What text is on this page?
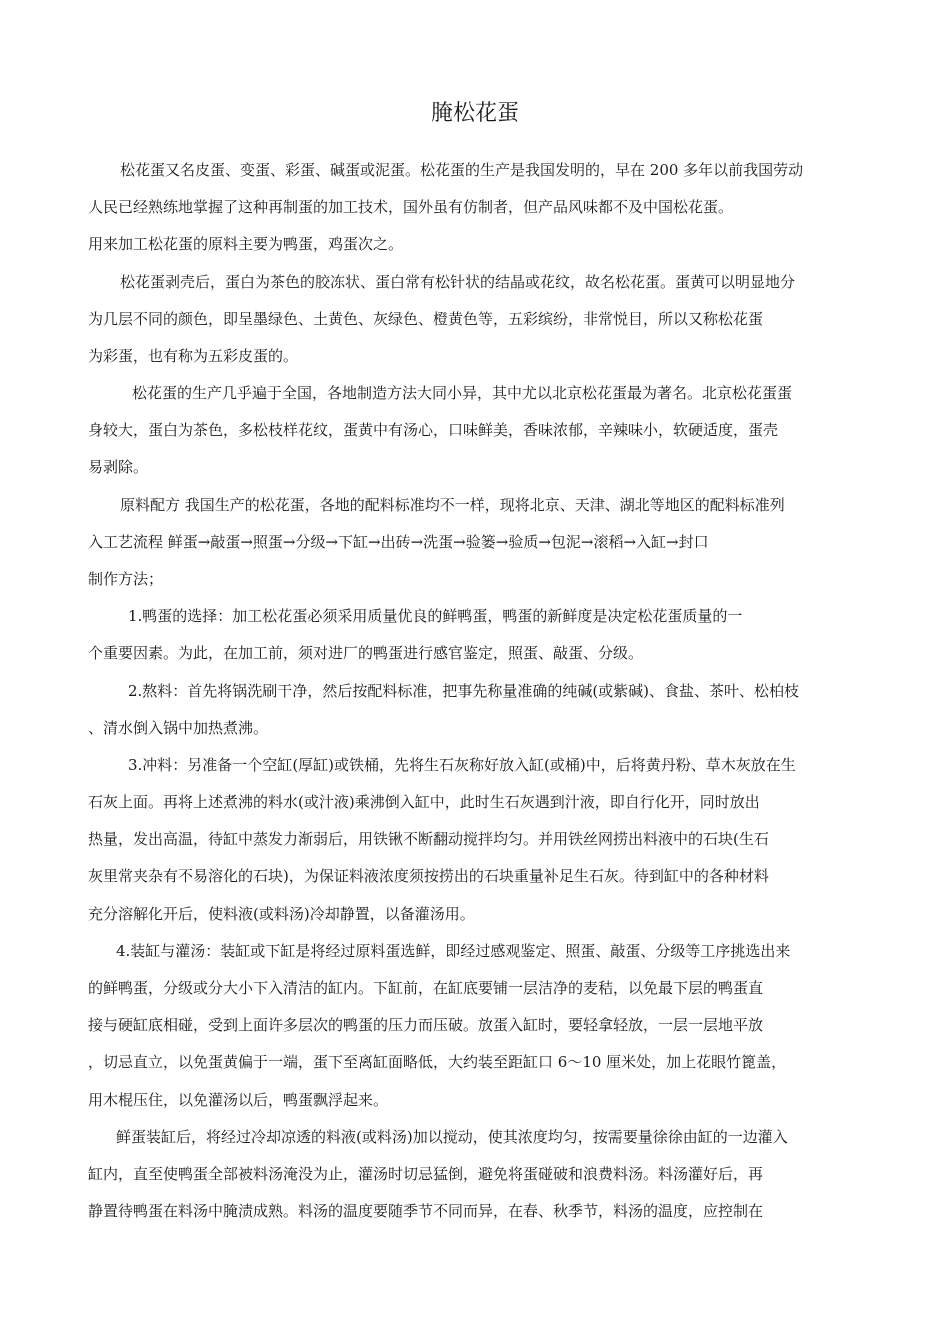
腌松花蛋
松花蛋又名皮蛋、变蛋、彩蛋、碱蛋或泥蛋。松花蛋的生产是我国发明的，早在 200 多年以前我国劳动
人民已经熟练地掌握了这种再制蛋的加工技术，国外虽有仿制者，但产品风味都不及中国松花蛋。
用来加工松花蛋的原料主要为鸭蛋，鸡蛋次之。
松花蛋剥壳后，蛋白为茶色的胶冻状、蛋白常有松针状的结晶或花纹，故名松花蛋。蛋黄可以明显地分
为几层不同的颜色，即呈墨绿色、土黄色、灰绿色、橙黄色等，五彩缤纷，非常悦目，所以又称松花蛋
为彩蛋，也有称为五彩皮蛋的。
松花蛋的生产几乎遍于全国，各地制造方法大同小异，其中尤以北京松花蛋最为著名。北京松花蛋蛋
身较大，蛋白为茶色，多松枝样花纹，蛋黄中有汤心，口味鲜美，香味浓郁，辛辣味小，软硬适度，蛋壳
易剥除。
原料配方 我国生产的松花蛋，各地的配料标准均不一样，现将北京、天津、湖北等地区的配料标准列
入工艺流程 鲜蛋→敲蛋→照蛋→分级→下缸→出砖→洗蛋→验篓→验质→包泥→滚稻→入缸→封口
制作方法；
1.鸭蛋的选择：加工松花蛋必须采用质量优良的鲜鸭蛋，鸭蛋的新鲜度是决定松花蛋质量的一
个重要因素。为此，在加工前，须对进厂的鸭蛋进行感官鉴定，照蛋、敲蛋、分级。
2.熬料：首先将锅洗刷干净，然后按配料标准，把事先称量准确的纯碱(或紫碱)、食盐、茶叶、松柏枝
、清水倒入锅中加热煮沸。
3.冲料：另准备一个空缸(厚缸)或铁桶，先将生石灰称好放入缸(或桶)中，后将黄丹粉、草木灰放在生
石灰上面。再将上述煮沸的料水(或汁液)乘沸倒入缸中，此时生石灰遇到汁液，即自行化开，同时放出
热量，发出高温，待缸中蒸发力渐弱后，用铁锹不断翻动搅拌均匀。并用铁丝网捞出料液中的石块(生石
灰里常夹杂有不易溶化的石块)，为保证料液浓度须按捞出的石块重量补足生石灰。待到缸中的各种材料
充分溶解化开后，使料液(或料汤)冷却静置，以备灌汤用。
4.装缸与灌汤：装缸或下缸是将经过原料蛋选鲜，即经过感观鉴定、照蛋、敲蛋、分级等工序挑选出来
的鲜鸭蛋，分级或分大小下入清洁的缸内。下缸前，在缸底要铺一层洁净的麦秸，以免最下层的鸭蛋直
接与硬缸底相碰，受到上面许多层次的鸭蛋的压力而压破。放蛋入缸时，要轻拿轻放，一层一层地平放
，切忌直立，以免蛋黄偏于一端，蛋下至离缸面略低，大约装至距缸口 6～10 厘米处，加上花眼竹篦盖，
用木棍压住，以免灌汤以后，鸭蛋飘浮起来。
鲜蛋装缸后，将经过冷却凉透的料液(或料汤)加以搅动，使其浓度均匀，按需要量徐徐由缸的一边灌入
缸内，直至使鸭蛋全部被料汤淹没为止，灌汤时切忌猛倒，避免将蛋碰破和浪费料汤。料汤灌好后，再
静置待鸭蛋在料汤中腌渍成熟。料汤的温度要随季节不同而异，在春、秋季节，料汤的温度，应控制在
